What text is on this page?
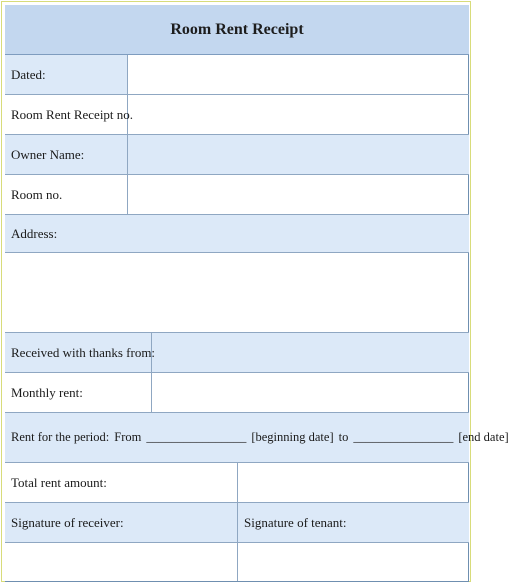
Room Rent Receipt
Dated:
Room Rent Receipt no.
Owner Name:
Room no.
Address:
Received with thanks from:
Monthly rent:
Rent for the period: From ________________ [beginning date] to ________________ [end date]
Total rent amount:
Signature of receiver:	Signature of tenant:
